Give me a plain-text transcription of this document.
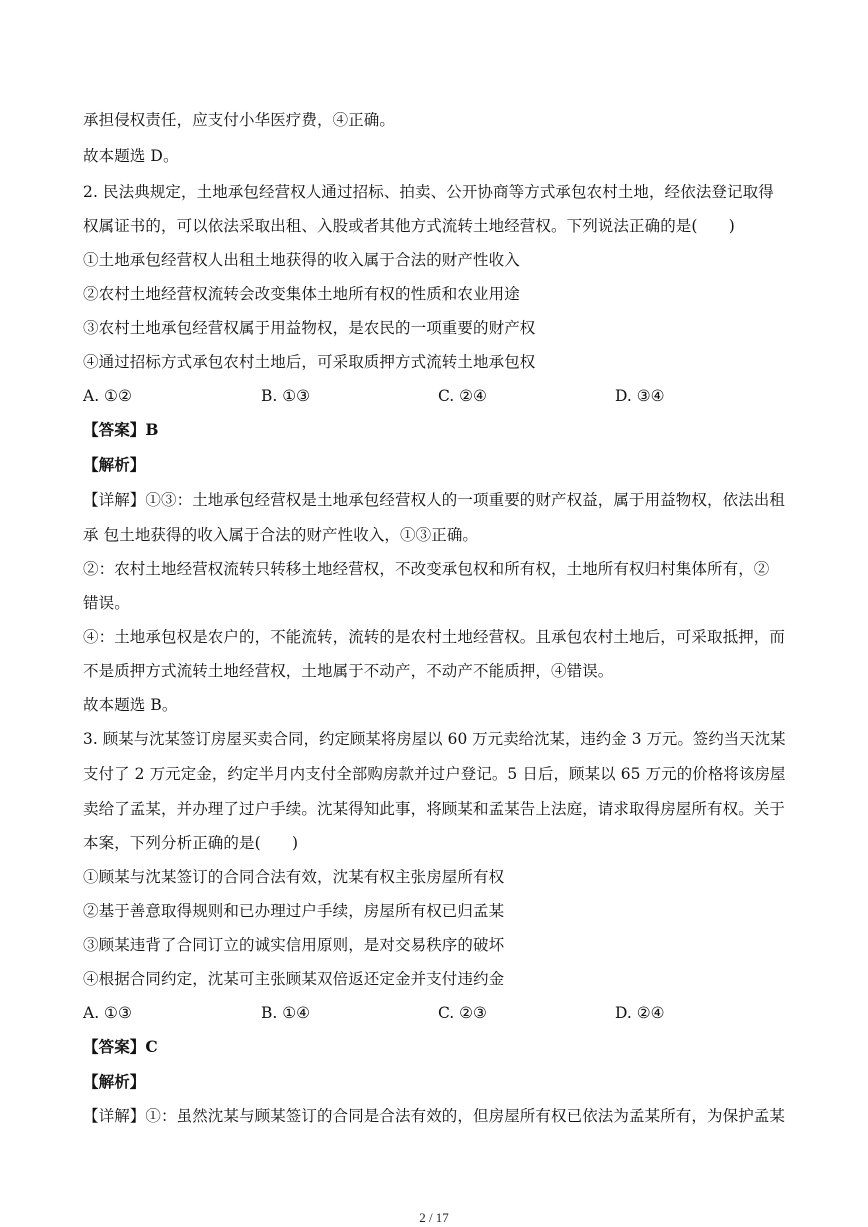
承担侵权责任，应支付小华医疗费，④正确。
故本题选 D。
2. 民法典规定，土地承包经营权人通过招标、拍卖、公开协商等方式承包农村土地，经依法登记取得
权属证书的，可以依法采取出租、入股或者其他方式流转土地经营权。下列说法正确的是(　　)
①土地承包经营权人出租土地获得的收入属于合法的财产性收入
②农村土地经营权流转会改变集体土地所有权的性质和农业用途
③农村土地承包经营权属于用益物权，是农民的一项重要的财产权
④通过招标方式承包农村土地后，可采取质押方式流转土地承包权
A. ①②	B. ①③	C. ②④	D. ③④
【答案】B
【解析】
【详解】①③：土地承包经营权是土地承包经营权人的一项重要的财产权益，属于用益物权，依法出租
承 包土地获得的收入属于合法的财产性收入，①③正确。
②：农村土地经营权流转只转移土地经营权，不改变承包权和所有权，土地所有权归村集体所有，②
错误。
④：土地承包权是农户的，不能流转，流转的是农村土地经营权。且承包农村土地后，可采取抵押，而
不是质押方式流转土地经营权，土地属于不动产，不动产不能质押，④错误。
故本题选 B。
3. 顾某与沈某签订房屋买卖合同，约定顾某将房屋以 60 万元卖给沈某，违约金 3 万元。签约当天沈某
支付了 2 万元定金，约定半月内支付全部购房款并过户登记。5 日后，顾某以 65 万元的价格将该房屋
卖给了孟某，并办理了过户手续。沈某得知此事，将顾某和孟某告上法庭，请求取得房屋所有权。关于
本案，下列分析正确的是(　　)
①顾某与沈某签订的合同合法有效，沈某有权主张房屋所有权
②基于善意取得规则和已办理过户手续，房屋所有权已归孟某
③顾某违背了合同订立的诚实信用原则，是对交易秩序的破坏
④根据合同约定，沈某可主张顾某双倍返还定金并支付违约金
A. ①③	B. ①④	C. ②③	D. ②④
【答案】C
【解析】
【详解】①：虽然沈某与顾某签订的合同是合法有效的，但房屋所有权已依法为孟某所有，为保护孟某
2 / 17
